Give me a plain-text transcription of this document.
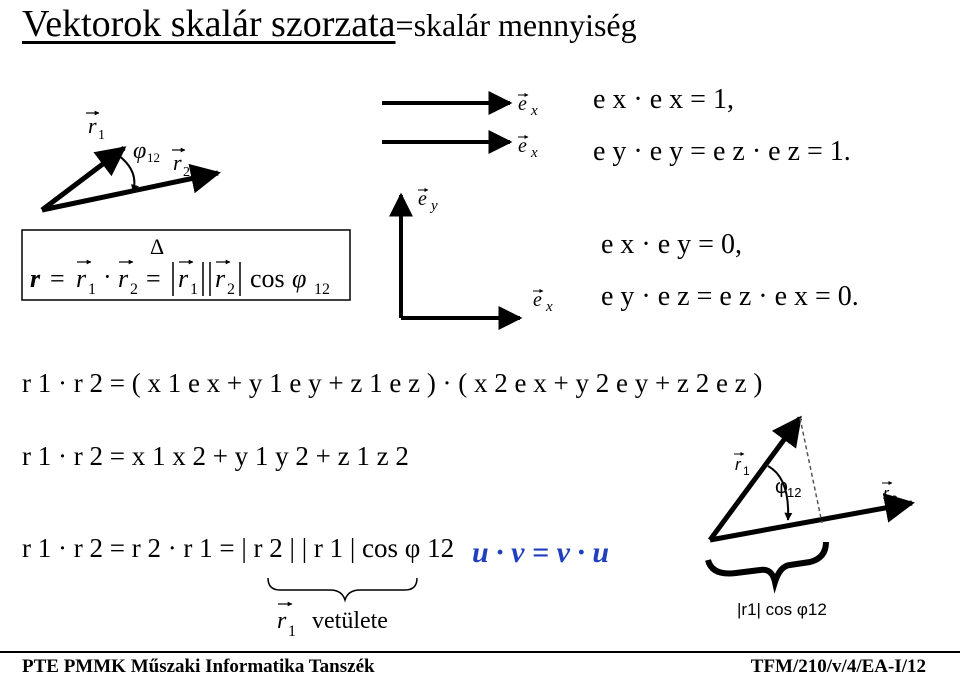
Vektorok skalár szorzata=skalár mennyiség
r 1
φ 12 r 2
Δ
r = r 1 · r 2 = r 1 r 2 cos φ 12
e x
e x
e y
e x
e x · e x = 1,
e y · e y = e z · e z = 1.
e x · e y = 0,
e y · e z = e z · e x = 0.
r 1 · r 2 = ( x 1 e x + y 1 e y + z 1 e z ) · ( x 2 e x + y 2 e y + z 2 e z )
r 1 · r 2 = x 1 x 2 + y 1 y 2 + z 1 z 2
r 1 · r 2 = r 2 · r 1 = | r 2 | | r 1 | cos φ 12 u · v = v · u
r 1 vetülete
r 1
φ 12	r 2
|r1| cos φ12
PTE PMMK Műszaki Informatika Tanszék	TFM/210/v/4/EA-I/12
